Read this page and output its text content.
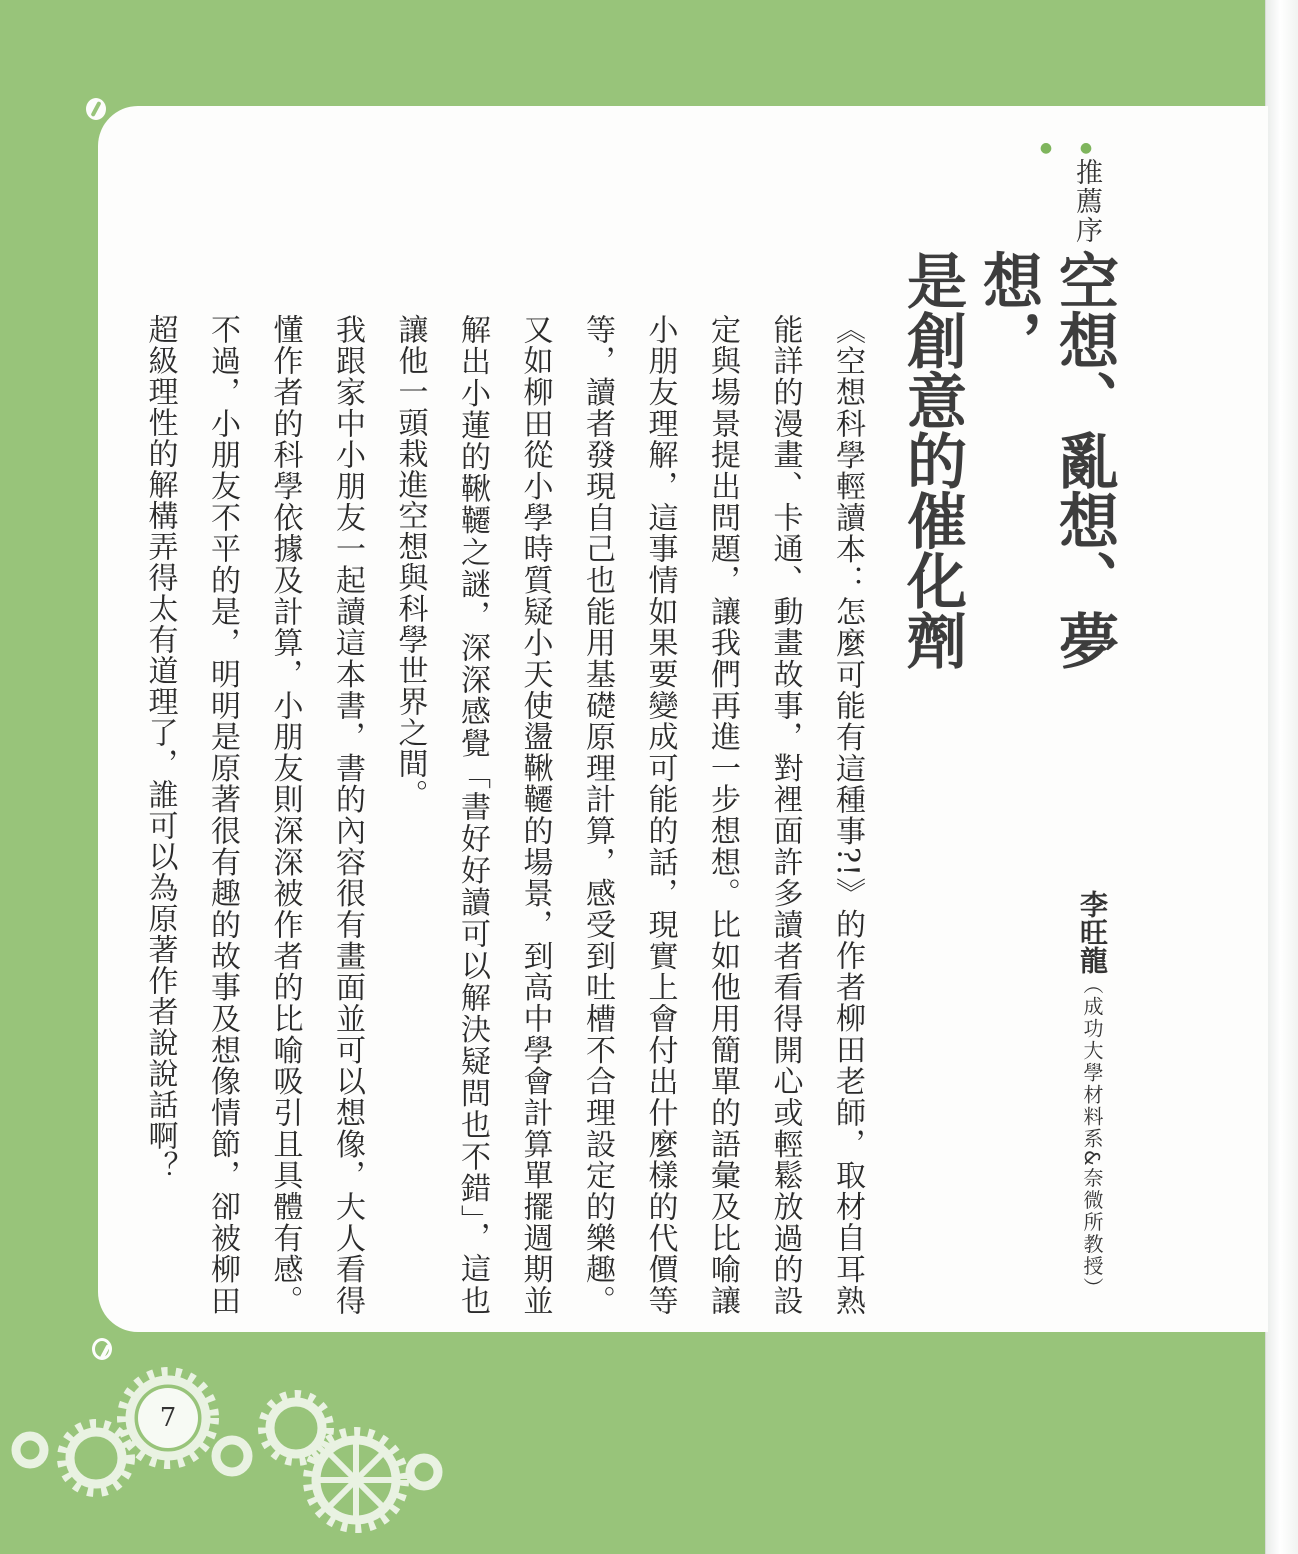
●推薦序●
空想、亂想、夢想，
是創意的催化劑
李旺龍（成功大學材料系&奈微所教授）

《空想科學輕讀本：怎麼可能有這種事?!》的作者柳田老師，取材自耳熟能詳的漫畫、卡通、動畫故事，對裡面許多讀者看得開心或輕鬆放過的設定與場景提出問題，讓我們再進一步想想。比如他用簡單的語彙及比喻讓小朋友理解，這事情如果要變成可能的話，現實上會付出什麼樣的代價等等，讀者發現自己也能用基礎原理計算，感受到吐槽不合理設定的樂趣。又如柳田從小學時質疑小天使盪鞦韆的場景，到高中學會計算單擺週期並解出小蓮的鞦韆之謎，深深感覺「書好好讀可以解決疑問也不錯」，這也讓他一頭栽進空想與科學世界之間。

我跟家中小朋友一起讀這本書，書的內容很有畫面並可以想像，大人看得懂作者的科學依據及計算，小朋友則深深被作者的比喻吸引且具體有感。不過，小朋友不平的是，明明是原著很有趣的故事及想像情節，卻被柳田超級理性的解構弄得太有道理了，誰可以為原著作者說說話啊？

7
